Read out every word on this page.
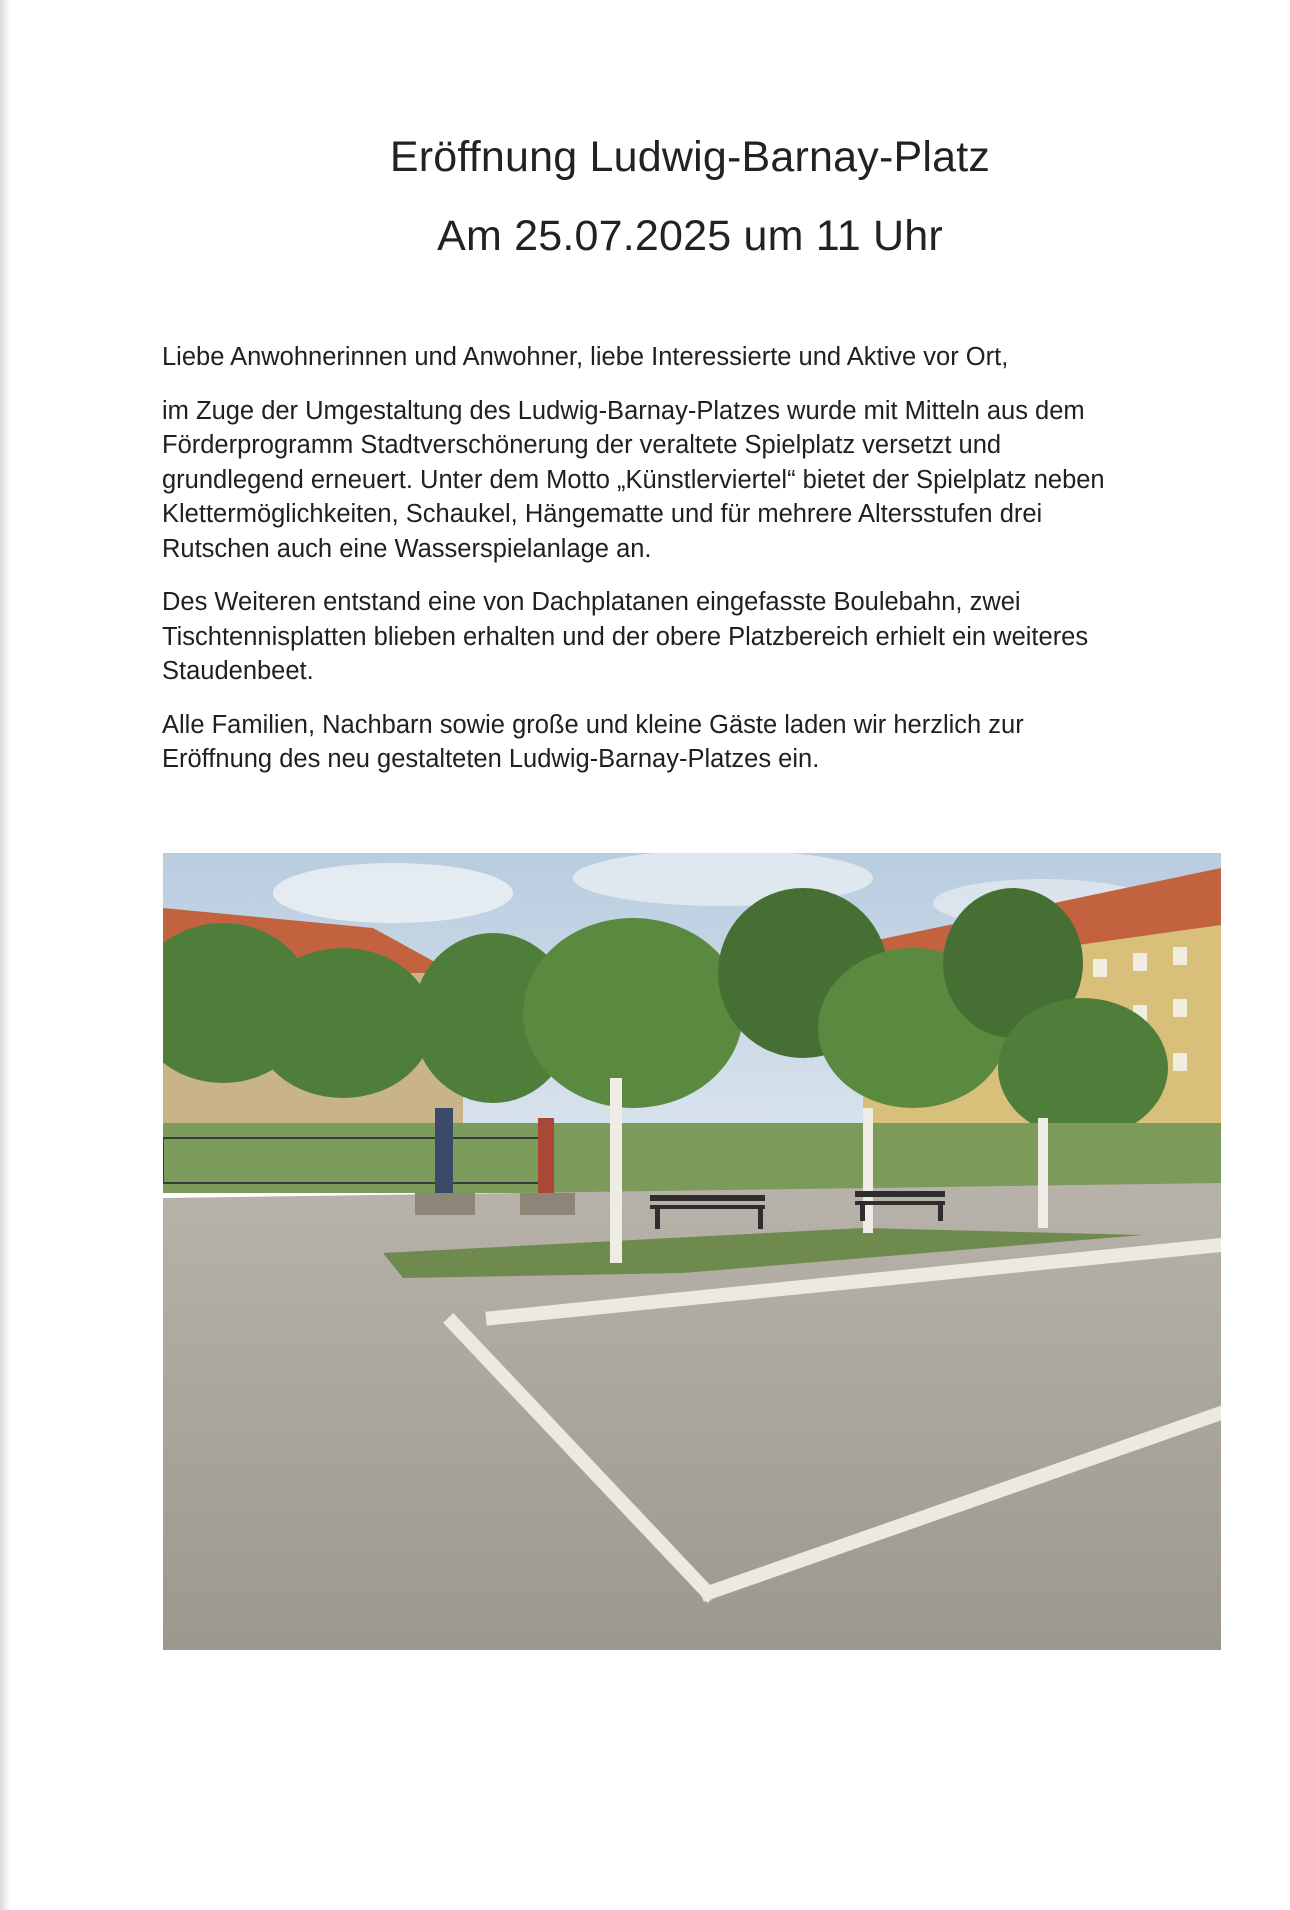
Eröffnung Ludwig-Barnay-Platz
Am 25.07.2025 um 11 Uhr

Liebe Anwohnerinnen und Anwohner, liebe Interessierte und Aktive vor Ort,

im Zuge der Umgestaltung des Ludwig-Barnay-Platzes wurde mit Mitteln aus dem
Förderprogramm Stadtverschönerung der veraltete Spielplatz versetzt und
grundlegend erneuert. Unter dem Motto „Künstlerviertel“ bietet der Spielplatz neben
Klettermöglichkeiten, Schaukel, Hängematte und für mehrere Altersstufen drei
Rutschen auch eine Wasserspielanlage an.

Des Weiteren entstand eine von Dachplatanen eingefasste Boulebahn, zwei
Tischtennisplatten blieben erhalten und der obere Platzbereich erhielt ein weiteres
Staudenbeet.

Alle Familien, Nachbarn sowie große und kleine Gäste laden wir herzlich zur
Eröffnung des neu gestalteten Ludwig-Barnay-Platzes ein.
